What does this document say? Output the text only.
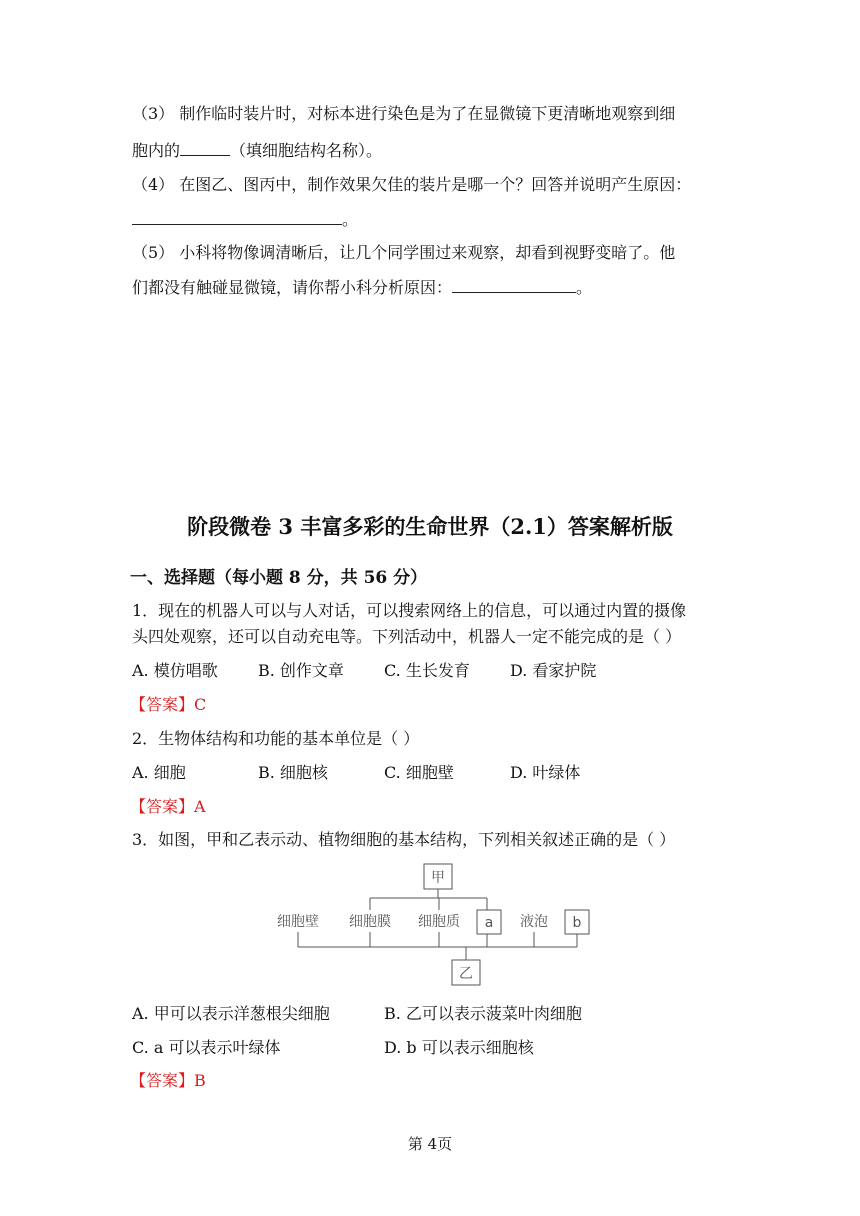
（3） 制作临时装片时，对标本进行染色是为了在显微镜下更清晰地观察到细
胞内的	（填细胞结构名称）。
（4） 在图乙、图丙中，制作效果欠佳的装片是哪一个？回答并说明产生原因：
。
（5） 小科将物像调清晰后，让几个同学围过来观察，却看到视野变暗了。他
们都没有触碰显微镜，请你帮小科分析原因：	。
阶段微卷 3 丰富多彩的生命世界（2.1）答案解析版
一、选择题（每小题 8 分，共 56 分）
1．现在的机器人可以与人对话，可以搜索网络上的信息，可以通过内置的摄像
头四处观察，还可以自动充电等。下列活动中，机器人一定不能完成的是（ ）
A. 模仿唱歌	B. 创作文章	C. 生长发育	D. 看家护院
【答案】C
2．生物体结构和功能的基本单位是（ ）
A. 细胞	B. 细胞核	C. 细胞壁	D. 叶绿体
【答案】A
3．如图，甲和乙表示动、植物细胞的基本结构，下列相关叙述正确的是（ ）
甲
细胞壁 细胞膜 细胞质 a 液泡 b
乙
A. 甲可以表示洋葱根尖细胞	B. 乙可以表示菠菜叶肉细胞
C. a 可以表示叶绿体	D. b 可以表示细胞核
【答案】B
第 4页
